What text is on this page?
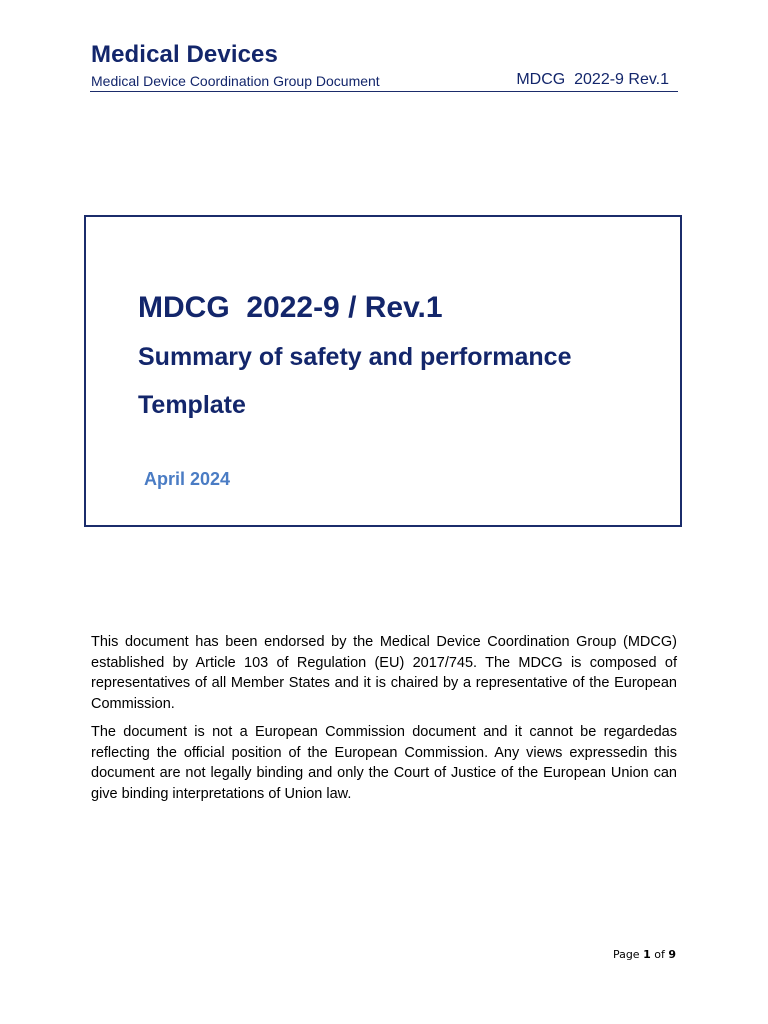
Medical Devices
Medical Device Coordination Group Document	MDCG  2022-9 Rev.1
MDCG  2022-9 / Rev.1
Summary of safety and performance
Template
April 2024

This document has been endorsed by the Medical Device Coordination Group (MDCG) established by Article 103 of Regulation (EU) 2017/745. The MDCG is composed of representatives of all Member States and it is chaired by a representative of the European Commission.

The document is not a European Commission document and it cannot be regardedas reflecting the official position of the European Commission. Any views expressedin this document are not legally binding and only the Court of Justice of the European Union can give binding interpretations of Union law.

Page 1 of 9
